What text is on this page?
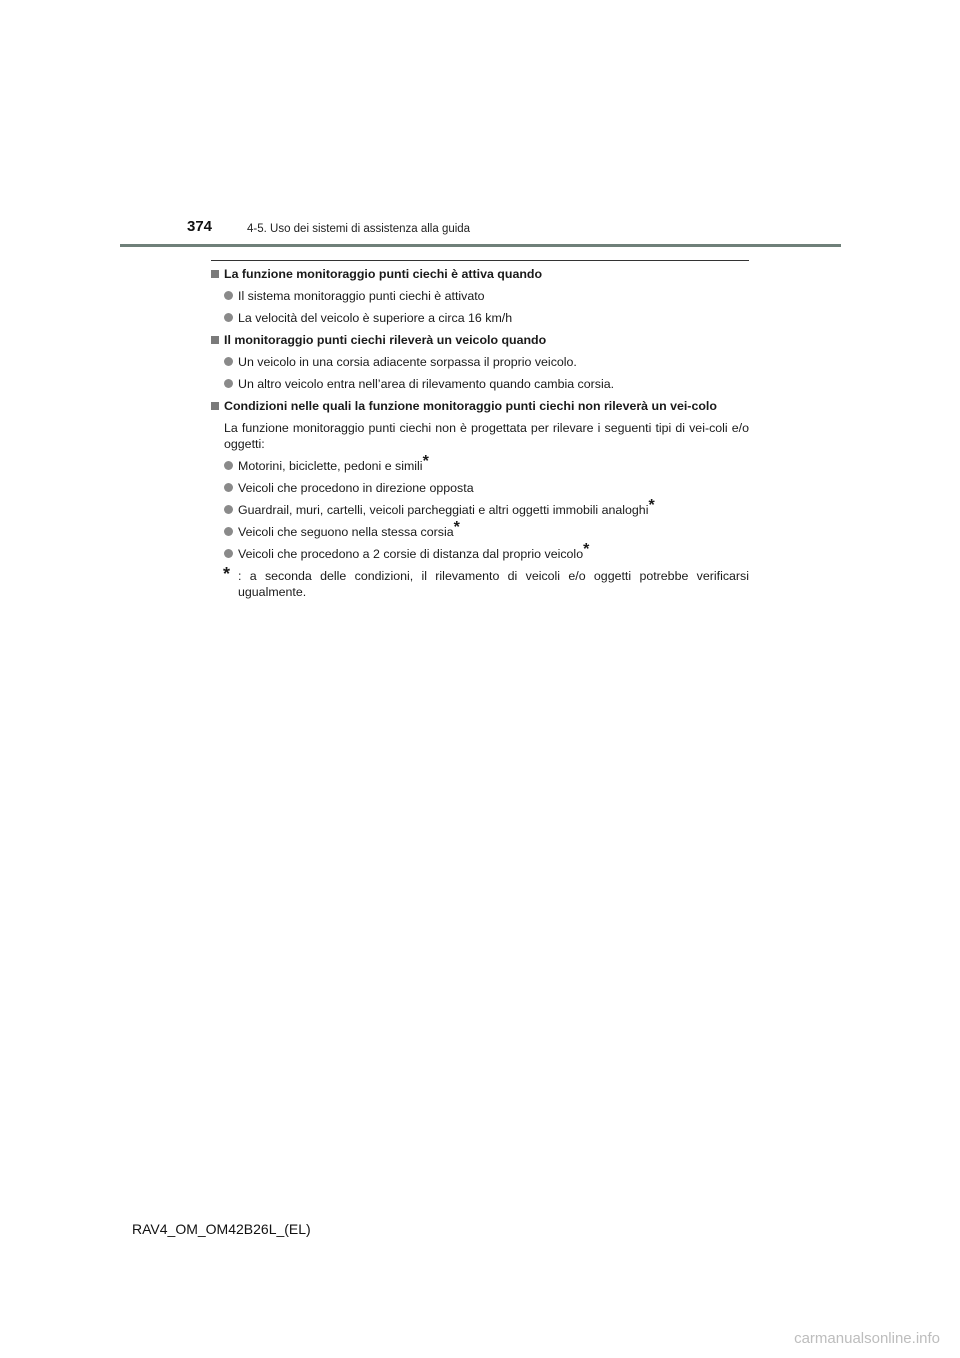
374	4-5. Uso dei sistemi di assistenza alla guida
La funzione monitoraggio punti ciechi è attiva quando
Il sistema monitoraggio punti ciechi è attivato
La velocità del veicolo è superiore a circa 16 km/h
Il monitoraggio punti ciechi rileverà un veicolo quando
Un veicolo in una corsia adiacente sorpassa il proprio veicolo.
Un altro veicolo entra nell’area di rilevamento quando cambia corsia.
Condizioni nelle quali la funzione monitoraggio punti ciechi non rileverà un vei-colo
La funzione monitoraggio punti ciechi non è progettata per rilevare i seguenti tipi di vei-coli e/o oggetti:
Motorini, biciclette, pedoni e simili*
Veicoli che procedono in direzione opposta
Guardrail, muri, cartelli, veicoli parcheggiati e altri oggetti immobili analoghi*
Veicoli che seguono nella stessa corsia*
Veicoli che procedono a 2 corsie di distanza dal proprio veicolo*
* : a seconda delle condizioni, il rilevamento di veicoli e/o oggetti potrebbe verificarsi ugualmente.
RAV4_OM_OM42B26L_(EL)
carmanualsonline.info
